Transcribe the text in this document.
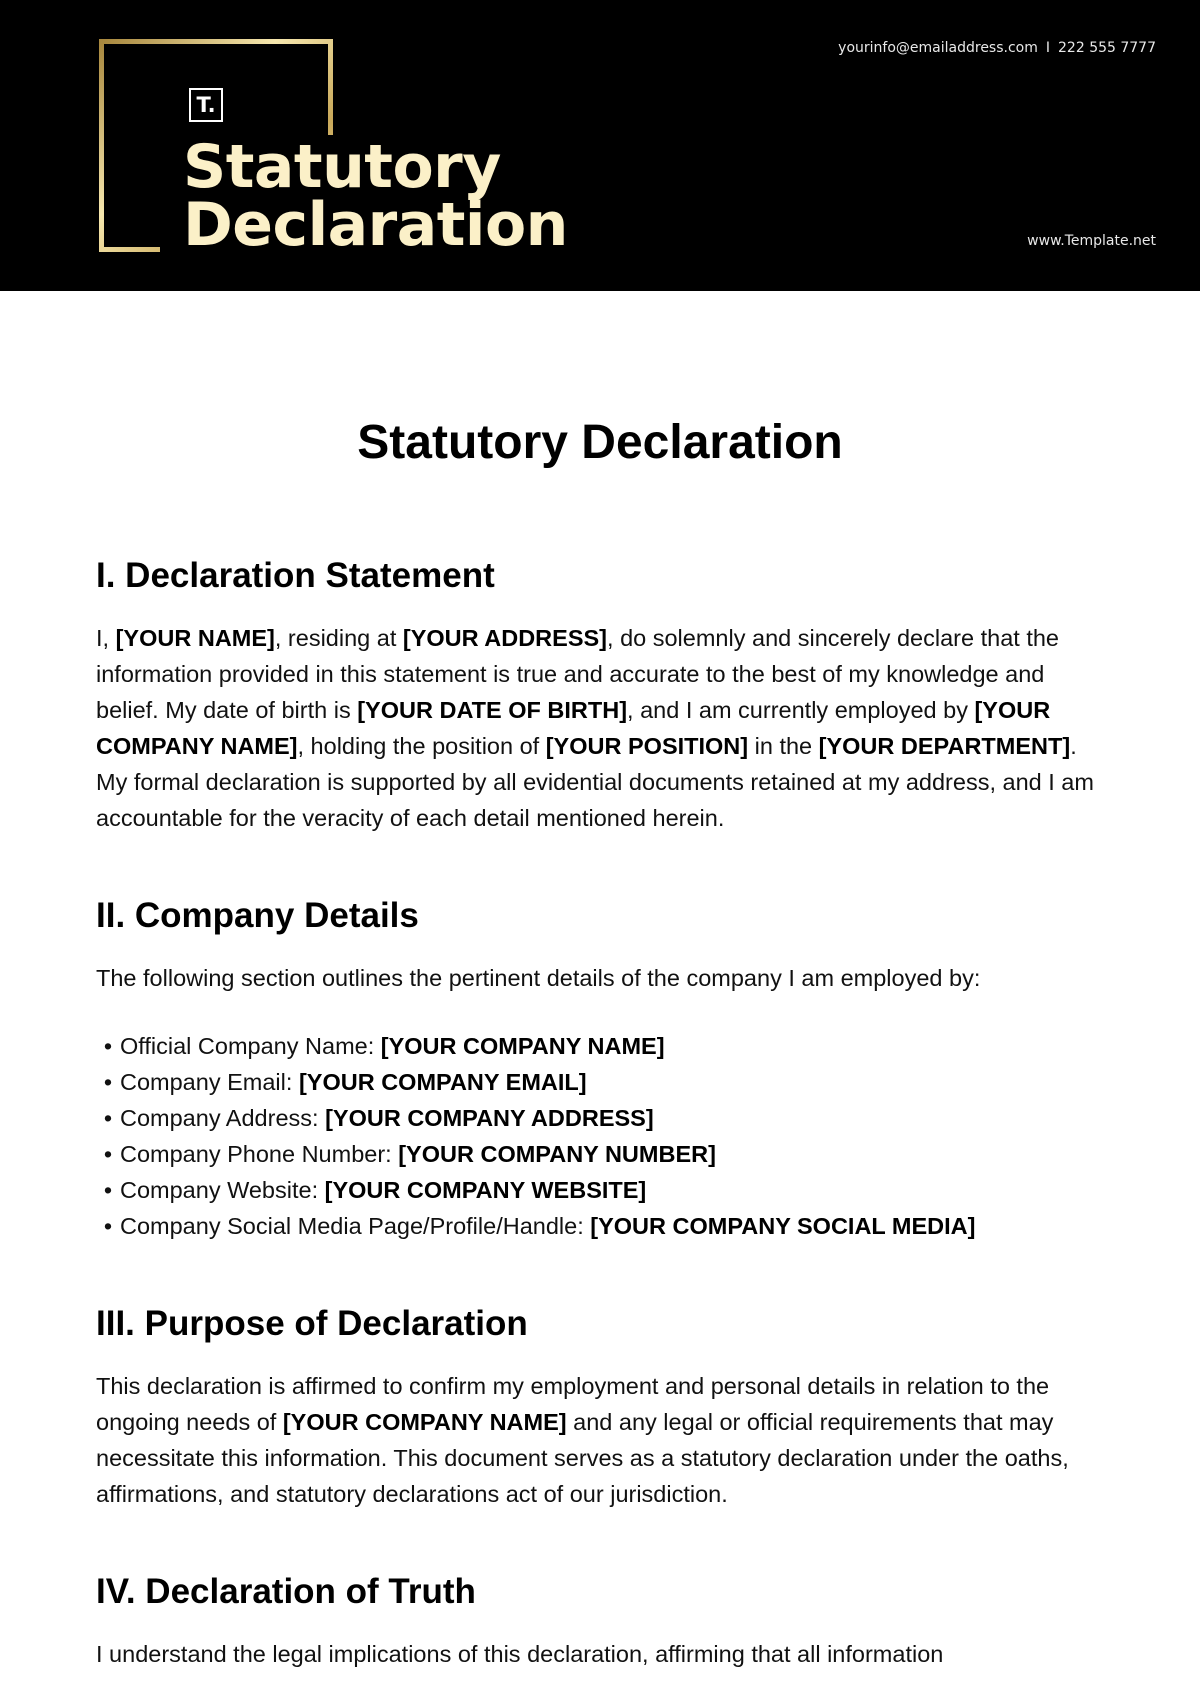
T.
Statutory
Declaration
yourinfo@emailaddress.com I 222 555 7777
www.Template.net
Statutory Declaration
I. Declaration Statement

I, [YOUR NAME], residing at [YOUR ADDRESS], do solemnly and sincerely declare that the information provided in this statement is true and accurate to the best of my knowledge and belief. My date of birth is [YOUR DATE OF BIRTH], and I am currently employed by [YOUR COMPANY NAME], holding the position of [YOUR POSITION] in the [YOUR DEPARTMENT]. My formal declaration is supported by all evidential documents retained at my address, and I am accountable for the veracity of each detail mentioned herein.

II. Company Details

The following section outlines the pertinent details of the company I am employed by:

• Official Company Name: [YOUR COMPANY NAME]
• Company Email: [YOUR COMPANY EMAIL]
• Company Address: [YOUR COMPANY ADDRESS]
• Company Phone Number: [YOUR COMPANY NUMBER]
• Company Website: [YOUR COMPANY WEBSITE]
• Company Social Media Page/Profile/Handle: [YOUR COMPANY SOCIAL MEDIA]
III. Purpose of Declaration

This declaration is affirmed to confirm my employment and personal details in relation to the ongoing needs of [YOUR COMPANY NAME] and any legal or official requirements that may necessitate this information. This document serves as a statutory declaration under the oaths, affirmations, and statutory declarations act of our jurisdiction.

IV. Declaration of Truth

I understand the legal implications of this declaration, affirming that all information
